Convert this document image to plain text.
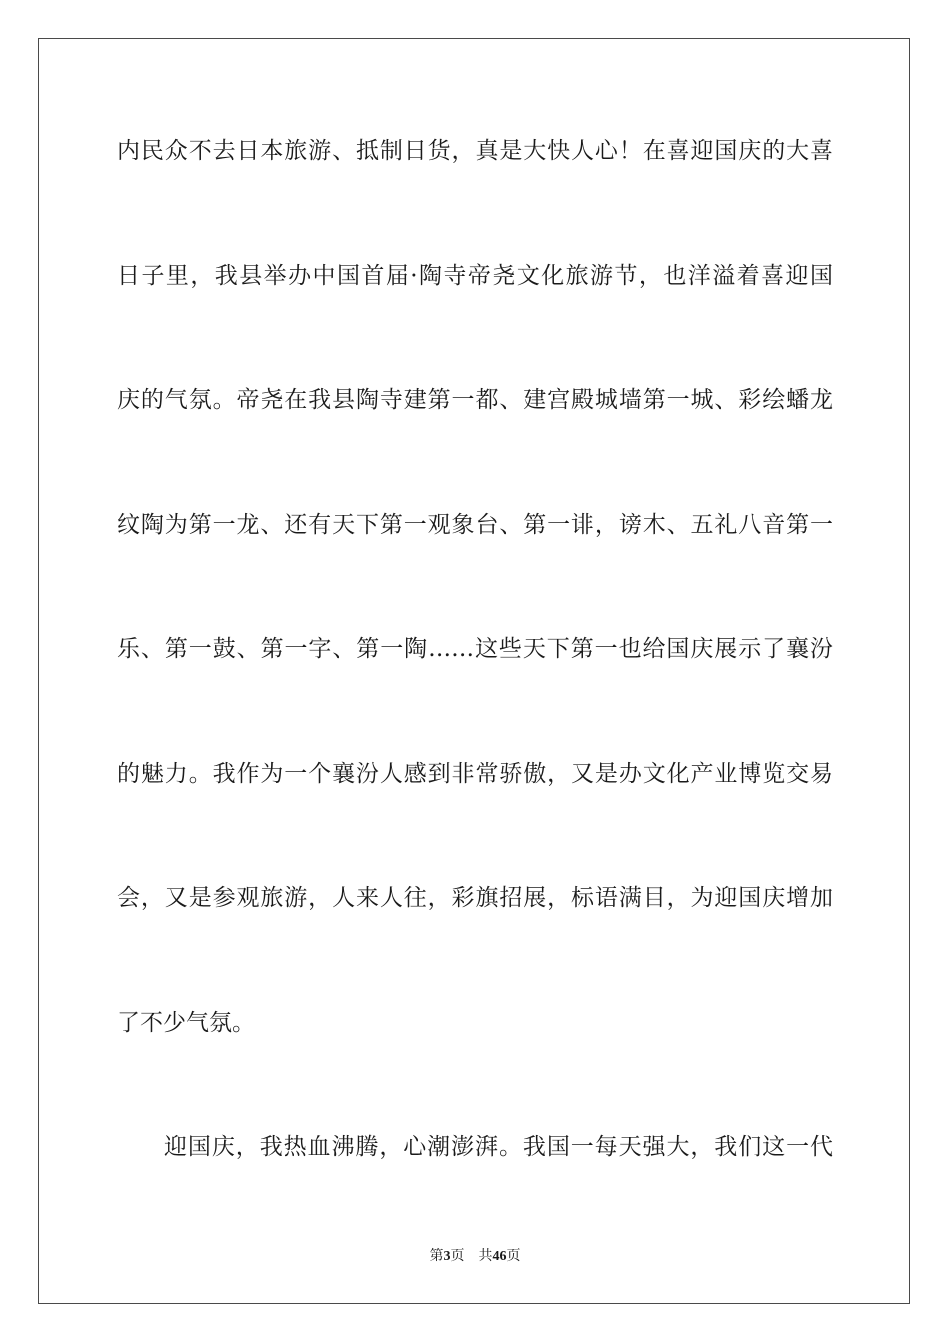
内民众不去日本旅游、抵制日货，真是大快人心！在喜迎国庆的大喜
日子里，我县举办中国首届·陶寺帝尧文化旅游节，也洋溢着喜迎国
庆的气氛。帝尧在我县陶寺建第一都、建宫殿城墙第一城、彩绘蟠龙
纹陶为第一龙、还有天下第一观象台、第一诽，谤木、五礼八音第一
乐、第一鼓、第一字、第一陶……这些天下第一也给国庆展示了襄汾
的魅力。我作为一个襄汾人感到非常骄傲，又是办文化产业博览交易
会，又是参观旅游，人来人往，彩旗招展，标语满目，为迎国庆增加
了不少气氛。
迎国庆，我热血沸腾，心潮澎湃。我国一每天强大，我们这一代
第3页 共46页
